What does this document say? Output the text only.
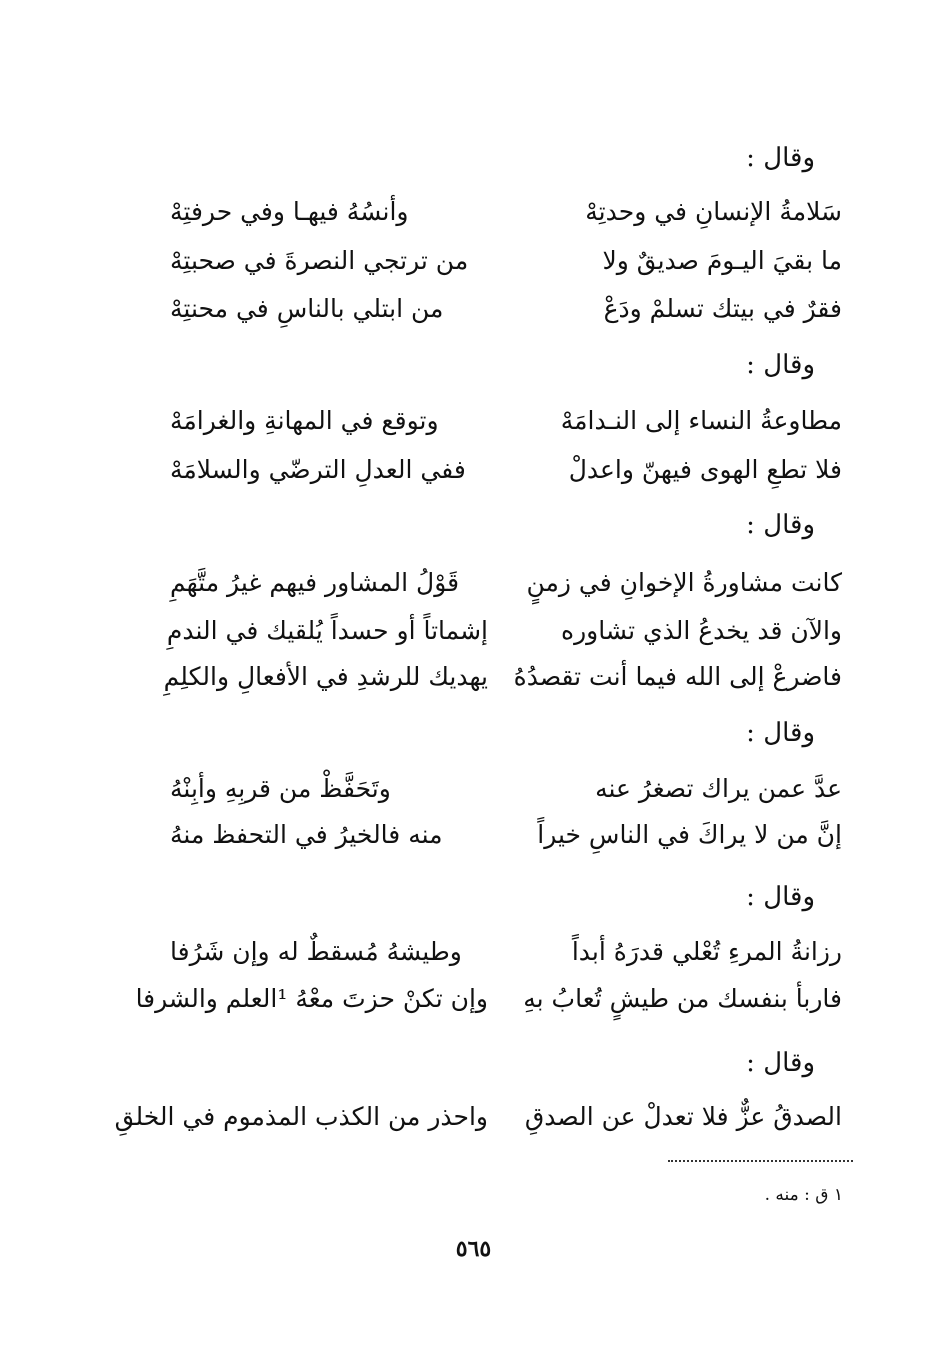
وقال :
سَلامةُ الإنسانِ في وحدتِهْ
وأنسُهُ فيهـا وفي حرفتِهْ
ما بقيَ اليـومَ صديقٌ ولا
من ترتجي النصرةَ في صحبتِهْ
فقرٌ في بيتك تسلمْ ودَعْ
من ابتلي بالناسِ في محنتِهْ
وقال :
مطاوعةُ النساء إلى النـدامَهْ
وتوقع في المهانةِ والغرامَهْ
فلا تطعِ الهوى فيهنّ واعدلْ
ففي العدلِ الترضّي والسلامَهْ
وقال :
كانت مشاورةُ الإخوانِ في زمنٍ
قَوْلُ المشاور فيهم غيرُ متَّهَمِ
والآن قد يخدعُ الذي تشاوره
إشماتاً أو حسداً يُلقيك في الندمِ
فاضرعْ إلى الله فيما أنت تقصدُهُ
يهديك للرشدِ في الأفعالِ والكلِمِ
وقال :
عدَّ عمن يراك تصغرُ عنه
وتَحَفَّظْ من قربِهِ وأبِنْهُ
إنَّ من لا يراكَ في الناسِ خيراً
منه فالخيرُ في التحفظ منهُ
وقال :
رزانةُ المرءِ تُعْلي قدرَهُ أبداً
وطيشهُ مُسقطٌ له وإن شَرُفا
فاربأ بنفسك من طيشٍ تُعابُ بهِ
وإن تكنْ حزتَ معْهُ ¹العلم والشرفا
وقال :
الصدقُ عزٌّ فلا تعدلْ عن الصدقِ
واحذر من الكذب المذموم في الخلقِ
١ ق : منه .
٥٦٥
